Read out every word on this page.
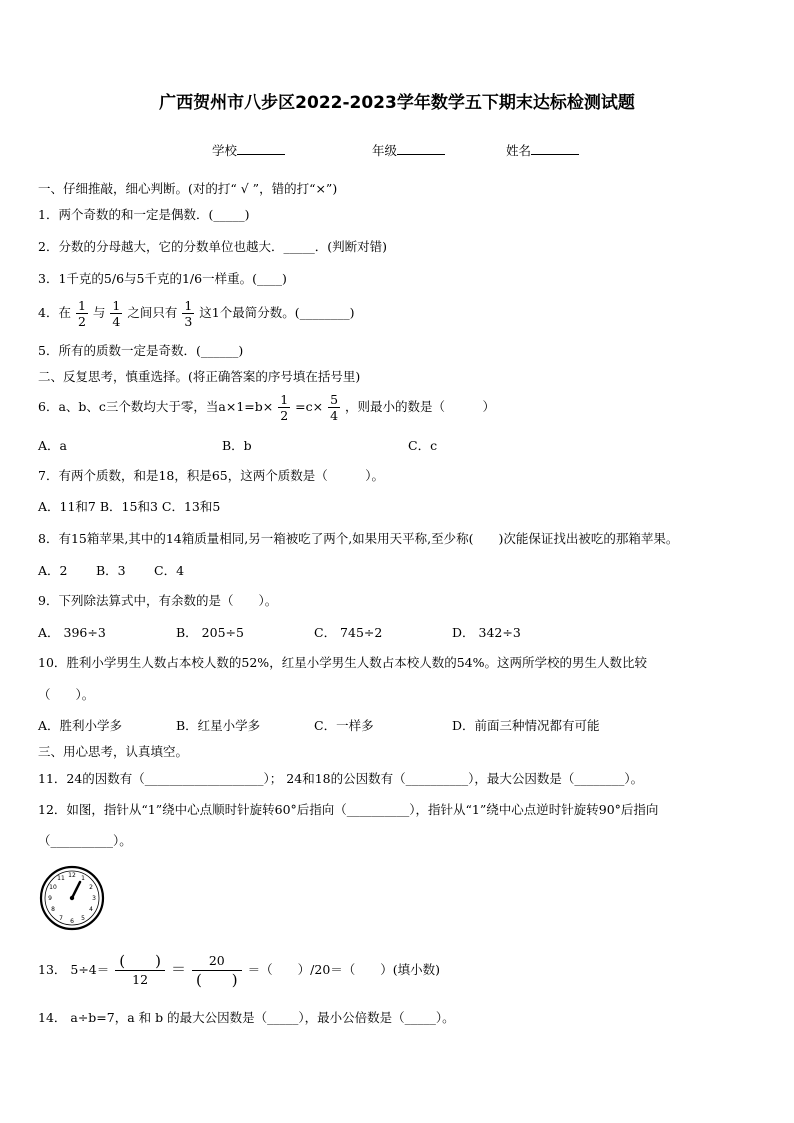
广西贺州市八步区2022-2023学年数学五下期末达标检测试题
学校	年级	姓名
一、仔细推敲，细心判断。(对的打“ √ ”，错的打“×”)
1．两个奇数的和一定是偶数．(_____)
2．分数的分母越大，它的分数单位也越大．_____．(判断对错)
3．1千克的5/6与5千克的1/6一样重。(____)
4．在 $\frac{1}{2}$ 与 $\frac{1}{4}$ 之间只有 $\frac{1}{3}$ 这1个最简分数。(________)
5．所有的质数一定是奇数．(______)
二、反复思考，慎重选择。(将正确答案的序号填在括号里)
6．a、b、c三个数均大于零，当$a\times 1=b\times \frac{1}{2} =c\times \frac{5}{4}$ ，则最小的数是（　　　）
A．a	B．b	C．c
7．有两个质数，和是18，积是65，这两个质数是（　　　）。
A．11和7 B．15和3 C．13和5
8．有15箱苹果,其中的14箱质量相同,另一箱被吃了两个,如果用天平称,至少称(　　)次能保证找出被吃的那箱苹果。
A．2 B．3 C．4
9．下列除法算式中，有余数的是（　　）。
A． 396÷3	B． 205÷5	C． 745÷2	D． 342÷3
10．胜利小学男生人数占本校人数的52%，红星小学男生人数占本校人数的54%。这两所学校的男生人数比较
（　　）。
A．胜利小学多	B．红星小学多	C．一样多	D．前面三种情况都有可能
三、用心思考，认真填空。
11．24的因数有（___________________）； 24和18的公因数有（__________），最大公因数是（________）。
12．如图，指针从“1”绕中心点顺时针旋转60°后指向（__________），指针从“1”绕中心点逆时针旋转90°后指向
（__________）。
12 1
2
3
4
5
6
7
8
9
10
11
13． $5\div 4= \frac{( )}{12} = \frac{20}{( )}$ ＝（　　）/20＝（　　）(填小数)
14． a÷b=7，a 和 b 的最大公因数是（_____），最小公倍数是（_____）。
